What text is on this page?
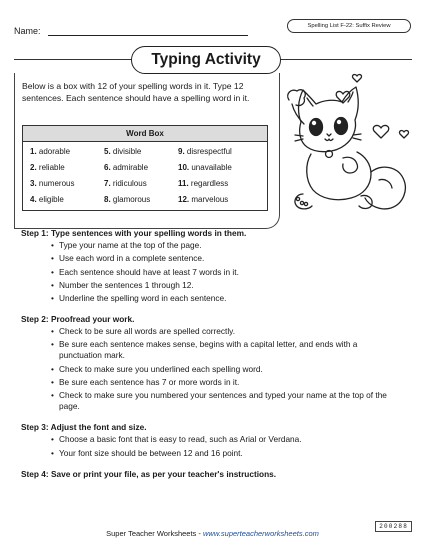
Name:	Spelling List F-22: Suffix Review
Typing Activity
Below is a box with 12 of your spelling words in it. Type 12 sentences. Each sentence should have a spelling word in it.
Word Box
1. adorable	5. divisible	9. disrespectful
2. reliable	6. admirable	10. unavailable
3. numerous	7. ridiculous	11. regardless
4. eligible	8. glamorous	12. marvelous
Step 1: Type sentences with your spelling words in them.
• Type your name at the top of the page.
• Use each word in a complete sentence.
• Each sentence should have at least 7 words in it.
• Number the sentences 1 through 12.
• Underline the spelling word in each sentence.
Step 2: Proofread your work.
• Check to be sure all words are spelled correctly.
• Be sure each sentence makes sense, begins with a capital letter, and ends with a punctuation mark.
• Check to make sure you underlined each spelling word.
• Be sure each sentence has 7 or more words in it.
• Check to make sure you numbered your sentences and typed your name at the top of the page.
Step 3: Adjust the font and size.
• Choose a basic font that is easy to read, such as Arial or Verdana.
• Your font size should be between 12 and 16 point.
Step 4: Save or print your file, as per your teacher's instructions.
Super Teacher Worksheets - www.superteacherworksheets.com
200288
